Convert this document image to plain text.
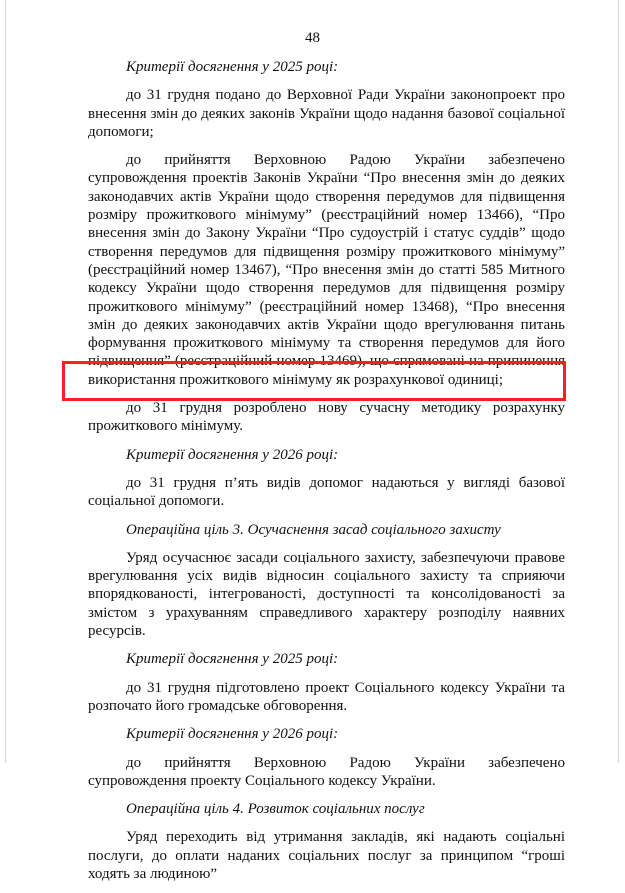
48

Критерії досягнення у 2025 році:

до 31 грудня подано до Верховної Ради України законопроект про внесення змін до деяких законів України щодо надання базової соціальної допомоги;

до прийняття Верховною Радою України забезпечено супровождення проектів Законів України “Про внесення змін до деяких законодавчих актів України щодо створення передумов для підвищення розміру прожиткового мінімуму” (реєстраційний номер 13466), “Про внесення змін до Закону України “Про судоустрій і статус суддів” щодо створення передумов для підвищення розміру прожиткового мінімуму” (реєстраційний номер 13467), “Про внесення змін до статті 585 Митного кодексу України щодо створення передумов для підвищення розміру прожиткового мінімуму” (реєстраційний номер 13468), “Про внесення змін до деяких законодавчих актів України щодо врегулювання питань формування прожиткового мінімуму та створення передумов для його підвищення” (реєстраційний номер 13469), що спрямовані на припинення використання прожиткового мінімуму як розрахункової одиниці;

до 31 грудня розроблено нову сучасну методику розрахунку прожиткового мінімуму.

Критерії досягнення у 2026 році:

до 31 грудня п’ять видів допомог надаються у вигляді базової соціальної допомоги.

Операційна ціль 3. Осучаснення засад соціального захисту

Уряд осучаснює засади соціального захисту, забезпечуючи правове врегулювання усіх видів відносин соціального захисту та сприяючи впорядкованості, інтегрованості, доступності та консолідованості за змістом з урахуванням справедливого характеру розподілу наявних ресурсів.

Критерії досягнення у 2025 році:

до 31 грудня підготовлено проект Соціального кодексу України та розпочато його громадське обговорення.

Критерії досягнення у 2026 році:

до прийняття Верховною Радою України забезпечено супровождення проекту Соціального кодексу України.

Операційна ціль 4. Розвиток соціальних послуг

Уряд переходить від утримання закладів, які надають соціальні послуги, до оплати наданих соціальних послуг за принципом “гроші ходять за людиною”
